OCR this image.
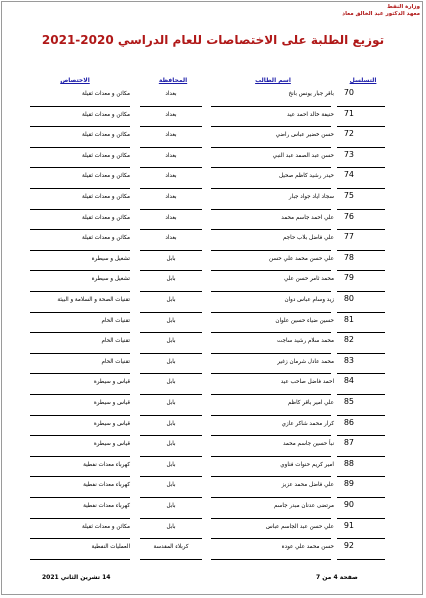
وزارة النفط
معهد الدكتور عبد الخالق معاذ
توزيع الطلبة على الاختصاصات للعام الدراسي 2020-2021
التسلسل
اسم الطالب
المحافظة
الاختصاص
70
باقر جبار يونس بانخ
بغداد
مكائن و معدات ثقيلة
71
حنيفة خالد احمد عيد
بغداد
مكائن و معدات ثقيلة
72
حسن خضير عباس راضي
بغداد
مكائن و معدات ثقيلة
73
حسن عبد الصمد عبد النبي
بغداد
مكائن و معدات ثقيلة
74
حيدر رشيد كاظم صحيل
بغداد
مكائن و معدات ثقيلة
75
سجاد اياد جواد جبار
بغداد
مكائن و معدات ثقيلة
76
علي احمد جاسم محمد
بغداد
مكائن و معدات ثقيلة
77
علي فاضل بلاب حاجم
بغداد
مكائن و معدات ثقيلة
78
علي حسن محمد علي حسن
بابل
تشغيل و سيطرة
79
محمد ثامر حسن علي
بابل
تشغيل و سيطرة
80
زيد وسام عباس دوان
بابل
تقنيات الصحة و السلامة و البيئة
81
حسين ضياء حسين علوان
بابل
تقنيات الحام
82
محمد سلام رشيد ساجت
بابل
تقنيات الحام
83
محمد عادل شرمان زغير
بابل
تقنيات الحام
84
احمد فاضل صاحب عيد
بابل
قياس و سيطرة
85
علي امير باقر كاظم
بابل
قياس و سيطرة
86
كرار محمد شاكر عازي
بابل
قياس و سيطرة
87
نبأ حسين جاسم محمد
بابل
قياس و سيطرة
88
امير كريم حنوات فناوي
بابل
كهرباء معدات نفطية
89
علي فاضل محمد عزيز
بابل
كهرباء معدات نفطية
90
مرتضى عدنان مبدر جاسم
بابل
كهرباء معدات نفطية
91
علي حسن عبد الجاسم عباس
بابل
مكائن و معدات ثقيلة
92
حسن محمد علي عودة
كربلاء المقدسة
العمليات النفطية
صفحة 4 من 7
14 تشرين الثاني 2021
